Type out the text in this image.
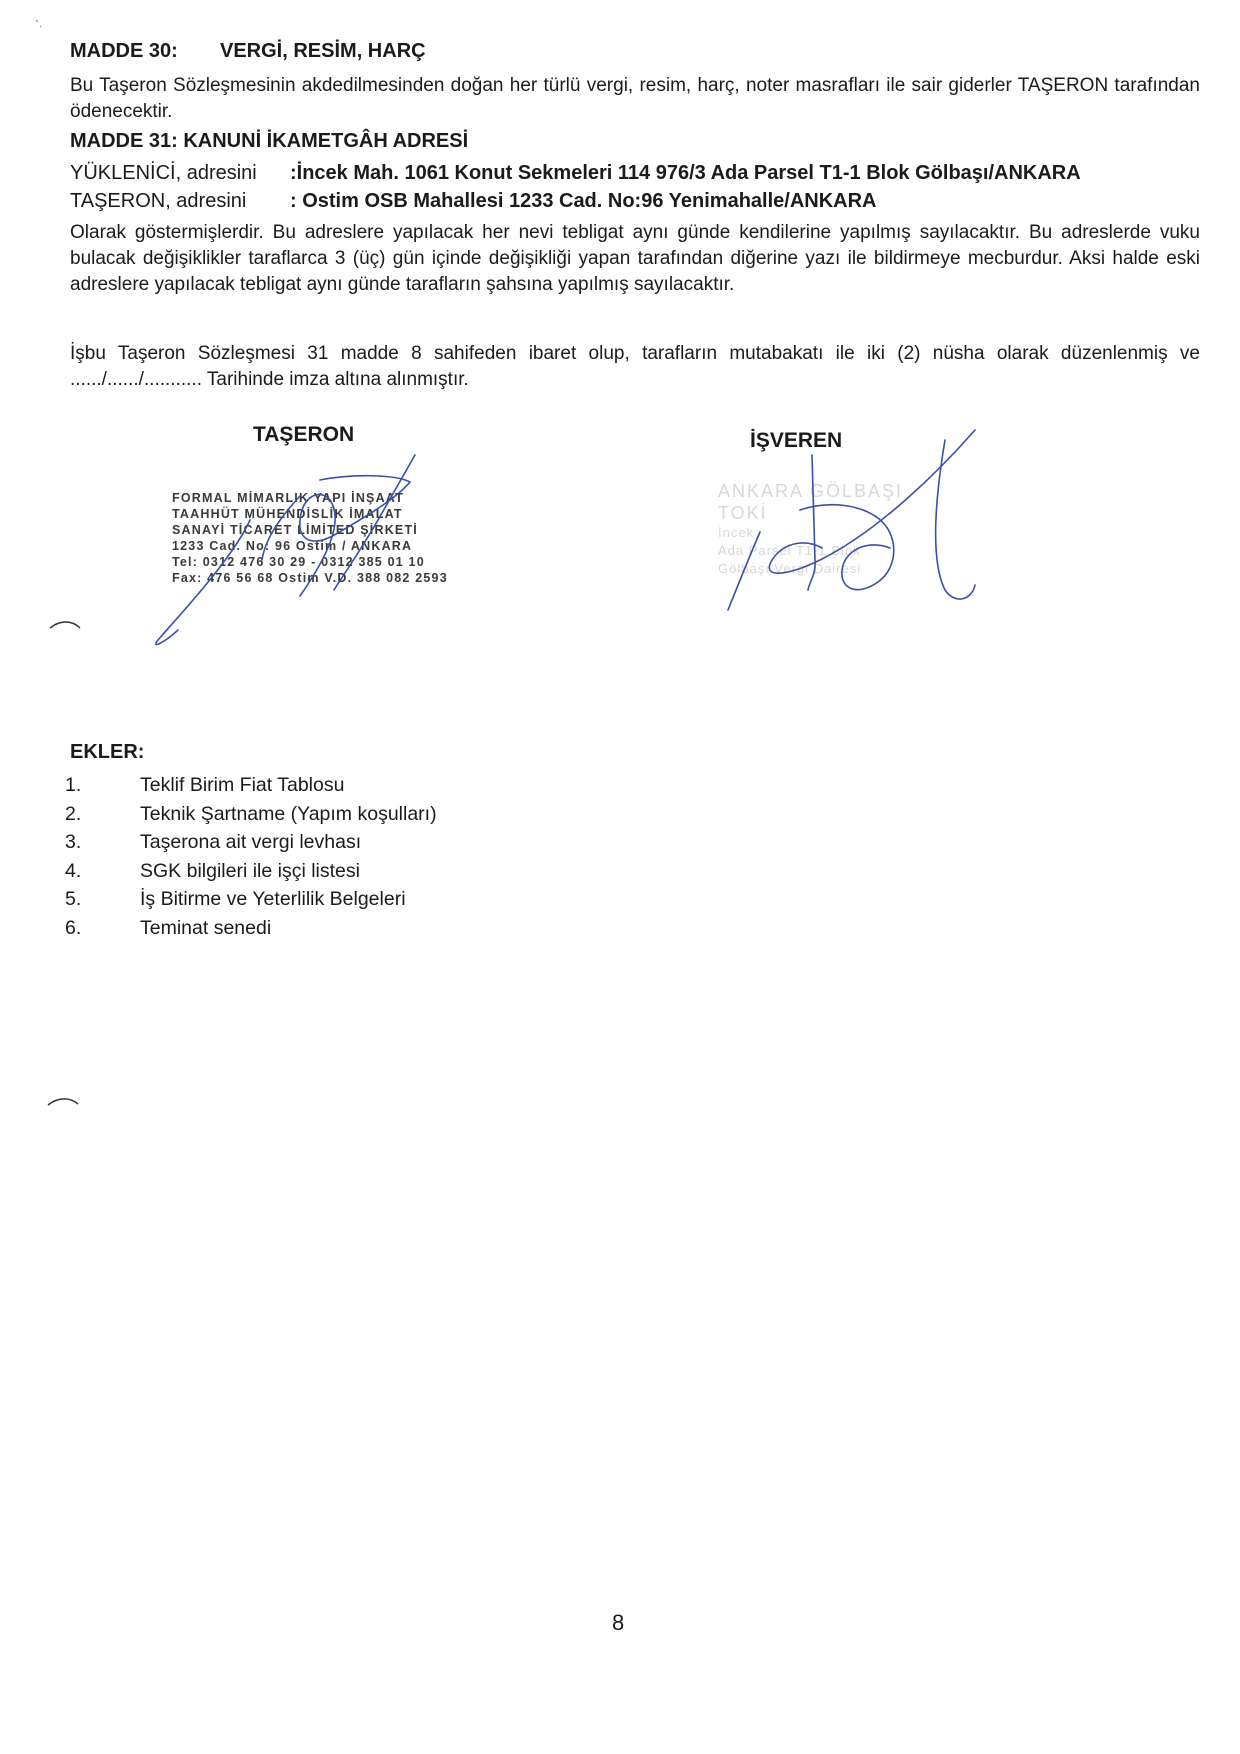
MADDE 30: VERGİ, RESİM, HARÇ
Bu Taşeron Sözleşmesinin akdedilmesinden doğan her türlü vergi, resim, harç, noter masrafları ile sair giderler TAŞERON tarafından ödenecektir.
MADDE 31: KANUNİ İKAMETGÂH ADRESİ
YÜKLENİCİ, adresini :İncek Mah. 1061 Konut Sekmeleri 114 976/3 Ada Parsel T1-1 Blok Gölbaşı/ANKARA
TAŞERON, adresini : Ostim OSB Mahallesi 1233 Cad. No:96 Yenimahalle/ANKARA
Olarak göstermişlerdir. Bu adreslere yapılacak her nevi tebligat aynı günde kendilerine yapılmış sayılacaktır. Bu adreslerde vuku bulacak değişiklikler taraflarca 3 (üç) gün içinde değişikliği yapan tarafından diğerine yazı ile bildirmeye mecburdur. Aksi halde eski adreslere yapılacak tebligat aynı günde tarafların şahsına yapılmış sayılacaktır.
İşbu Taşeron Sözleşmesi 31 madde 8 sahifeden ibaret olup, tarafların mutabakatı ile iki (2) nüsha olarak düzenlenmiş ve ....../....../........... Tarihinde imza altına alınmıştır.
TAŞERON	İŞVEREN
FORMAL MİMARLIK YAPI İNŞAAT
TAAHHÜT MÜHENDİSLİK İMALAT
SANAYİ TİCARET LİMİTED ŞİRKETİ
1233 Cad. No: 96 Ostim / ANKARA
Tel: 0312 476 30 29 - 0312 385 01 10
Fax: 476 56 68 Ostim V.D. 388 082 2593
ANKARA GÖLBAŞI
TOKİ
İncek
Ada Parsel T1-1 Blok
Gölbaşı Vergi Dairesi
EKLER:
1.	Teklif Birim Fiat Tablosu
2.	Teknik Şartname (Yapım koşulları)
3.	Taşerona ait vergi levhası
4.	SGK bilgileri ile işçi listesi
5.	İş Bitirme ve Yeterlilik Belgeleri
6.	Teminat senedi
8
